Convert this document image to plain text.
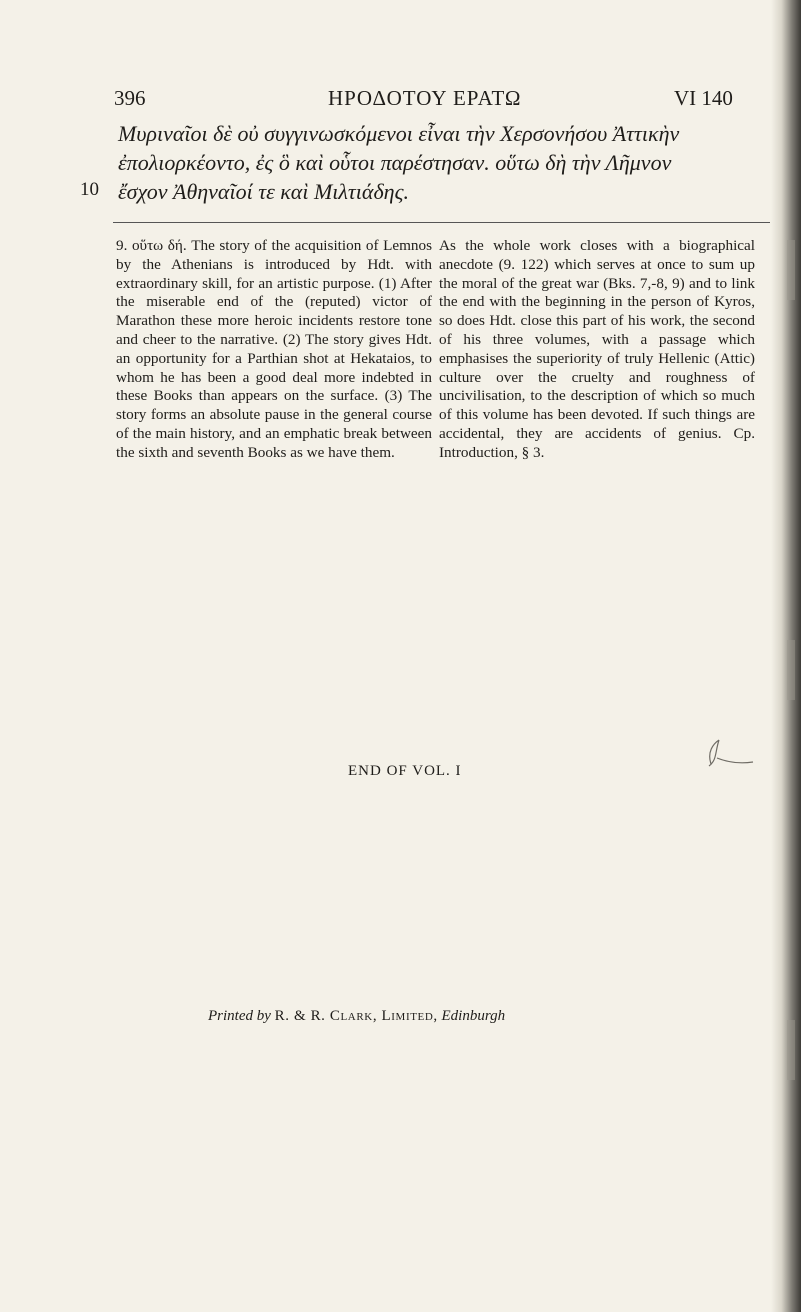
396	ΗΡΟΔΟΤΟΥ ΕΡΑΤΩ	VI 140
Μυριναῖοι δὲ οὐ συγγινωσκόμενοι εἶναι τὴν Χερσονήσου Ἀττικὴν
ἐπολιορκέοντο, ἐς ὃ καὶ οὗτοι παρέστησαν. οὕτω δὴ τὴν Λῆμνον
10 ἔσχον Ἀθηναῖοί τε καὶ Μιλτιάδης.

9. οὕτω δή. The story of the acquisition of Lemnos by the Athenians is introduced by Hdt. with extraordinary skill, for an artistic purpose. (1) After the miserable end of the (reputed) victor of Marathon these more heroic incidents restore tone and cheer to the narrative. (2) The story gives Hdt. an opportunity for a Parthian shot at Hekataios, to whom he has been a good deal more indebted in these Books than appears on the surface. (3) The story forms an absolute pause in the general course of the main history, and an emphatic break between the sixth and seventh Books as we have them.

As the whole work closes with a biographical anecdote (9. 122) which serves at once to sum up the moral of the great war (Bks. 7,-8, 9) and to link the end with the beginning in the person of Kyros, so does Hdt. close this part of his work, the second of his three volumes, with a passage which emphasises the superiority of truly Hellenic (Attic) culture over the cruelty and roughness of uncivilisation, to the description of which so much of this volume has been devoted. If such things are accidental, they are accidents of genius. Cp. Introduction, § 3.

END OF VOL. I
Printed by R. & R. Clark, Limited, Edinburgh
